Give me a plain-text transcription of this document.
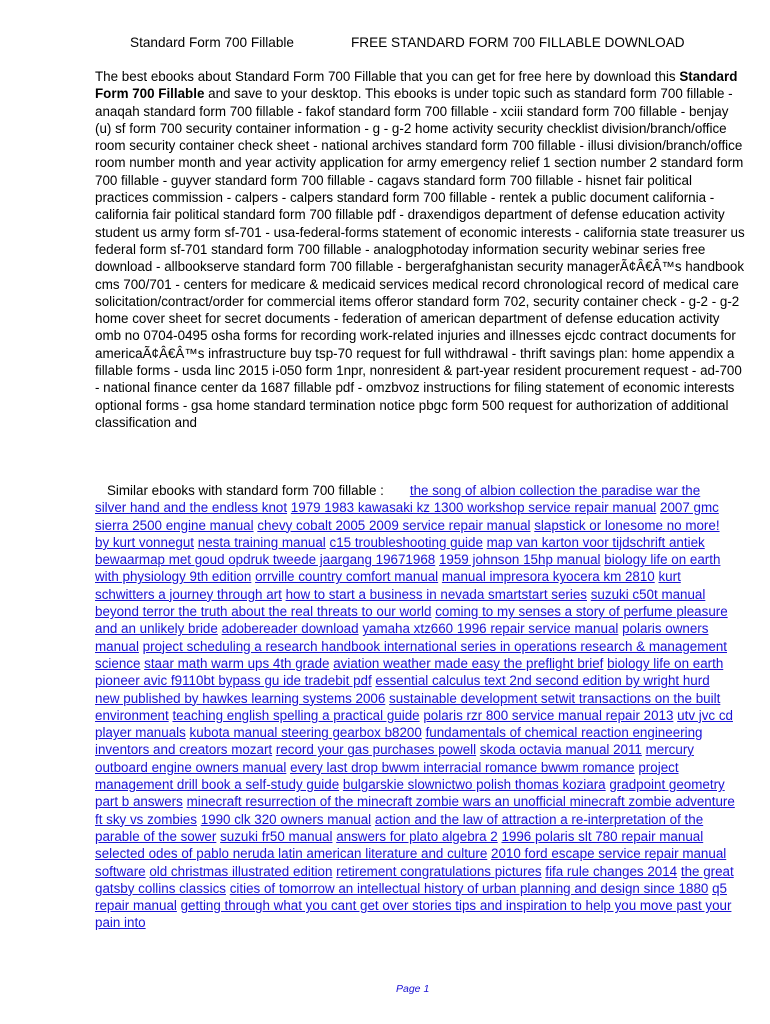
Standard Form 700 Fillable	FREE STANDARD FORM 700 FILLABLE DOWNLOAD
The best ebooks about Standard Form 700 Fillable that you can get for free here by download this Standard Form 700 Fillable and save to your desktop. This ebooks is under topic such as standard form 700 fillable - anaqah standard form 700 fillable - fakof standard form 700 fillable - xciii standard form 700 fillable - benjay (u) sf form 700 security container information - g - g-2 home activity security checklist division/branch/office room security container check sheet - national archives standard form 700 fillable - illusi division/branch/office room number month and year activity application for army emergency relief 1 section number 2 standard form 700 fillable - guyver standard form 700 fillable - cagavs standard form 700 fillable - hisnet fair political practices commission - calpers - calpers standard form 700 fillable - rentek a public document california - california fair political standard form 700 fillable pdf - draxendigos department of defense education activity student us army form sf-701 - usa-federal-forms statement of economic interests - california state treasurer us federal form sf-701 standard form 700 fillable - analogphotoday information security webinar series free download - allbookserve standard form 700 fillable - bergerafghanistan security managerÃ¢Â€Â™s handbook cms 700/701 - centers for medicare & medicaid services medical record chronological record of medical care solicitation/contract/order for commercial items offeror standard form 702, security container check - g-2 - g-2 home cover sheet for secret documents - federation of american department of defense education activity omb no 0704-0495 osha forms for recording work-related injuries and illnesses ejcdc contract documents for americaÃ¢Â€Â™s infrastructure buy tsp-70 request for full withdrawal - thrift savings plan: home appendix a fillable forms - usda linc 2015 i-050 form 1npr, nonresident & part-year resident procurement request - ad-700 - national finance center da 1687 fillable pdf - omzbvoz instructions for filing statement of economic interests optional forms - gsa home standard termination notice pbgc form 500 request for authorization of additional classification and
Similar ebooks with standard form 700 fillable : the song of albion collection the paradise war the silver hand and the endless knot 1979 1983 kawasaki kz 1300 workshop service repair manual 2007 gmc sierra 2500 engine manual chevy cobalt 2005 2009 service repair manual slapstick or lonesome no more! by kurt vonnegut nesta training manual c15 troubleshooting guide map van karton voor tijdschrift antiek bewaarmap met goud opdruk tweede jaargang 19671968 1959 johnson 15hp manual biology life on earth with physiology 9th edition orrville country comfort manual manual impresora kyocera km 2810 kurt schwitters a journey through art how to start a business in nevada smartstart series suzuki c50t manual beyond terror the truth about the real threats to our world coming to my senses a story of perfume pleasure and an unlikely bride adobereader download yamaha xtz660 1996 repair service manual polaris owners manual project scheduling a research handbook international series in operations research & management science staar math warm ups 4th grade aviation weather made easy the preflight brief biology life on earth pioneer avic f9110bt bypass gu ide tradebit pdf essential calculus text 2nd second edition by wright hurd new published by hawkes learning systems 2006 sustainable development setwit transactions on the built environment teaching english spelling a practical guide polaris rzr 800 service manual repair 2013 utv jvc cd player manuals kubota manual steering gearbox b8200 fundamentals of chemical reaction engineering inventors and creators mozart record your gas purchases powell skoda octavia manual 2011 mercury outboard engine owners manual every last drop bwwm interracial romance bwwm romance project management drill book a self-study guide bulgarskie slownictwo polish thomas koziara gradpoint geometry part b answers minecraft resurrection of the minecraft zombie wars an unofficial minecraft zombie adventure ft sky vs zombies 1990 clk 320 owners manual action and the law of attraction a re-interpretation of the parable of the sower suzuki fr50 manual answers for plato algebra 2 1996 polaris slt 780 repair manual selected odes of pablo neruda latin american literature and culture 2010 ford escape service repair manual software old christmas illustrated edition retirement congratulations pictures fifa rule changes 2014 the great gatsby collins classics cities of tomorrow an intellectual history of urban planning and design since 1880 q5 repair manual getting through what you cant get over stories tips and inspiration to help you move past your pain into
Page 1
